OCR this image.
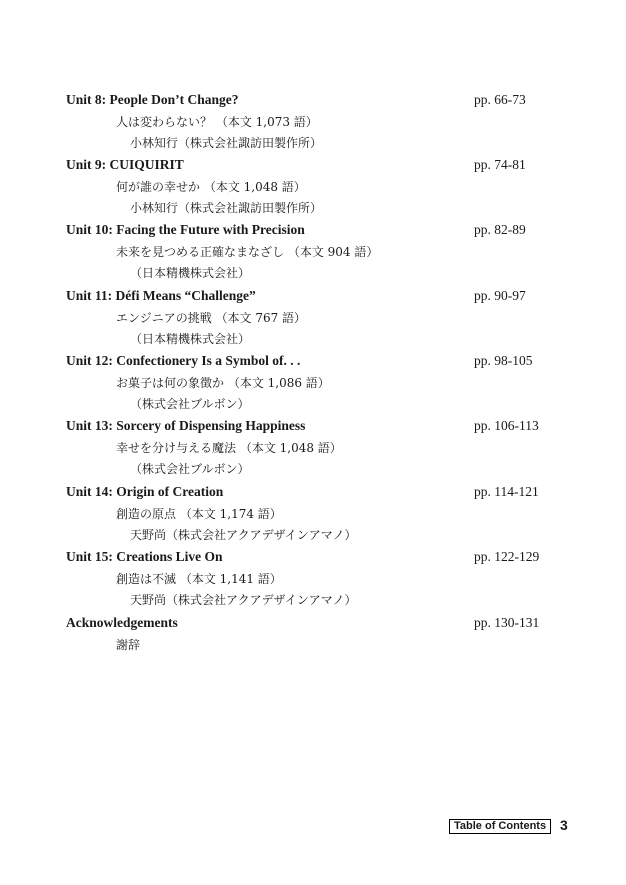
Unit 8: People Don’t Change?	pp. 66-73
人は変わらない？ （本文 1,073 語）
小林知行（株式会社諏訪田製作所）
Unit 9: CUIQUIRIT	pp. 74-81
何が誰の幸せか （本文 1,048 語）
小林知行（株式会社諏訪田製作所）
Unit 10: Facing the Future with Precision	pp. 82-89
未来を見つめる正確なまなざし （本文 904 語）
（日本精機株式会社）
Unit 11: Défi Means “Challenge”	pp. 90-97
エンジニアの挑戦 （本文 767 語）
（日本精機株式会社）
Unit 12: Confectionery Is a Symbol of. . .	pp. 98-105
お菓子は何の象徴か （本文 1,086 語）
（株式会社ブルボン）
Unit 13: Sorcery of Dispensing Happiness	pp. 106-113
幸せを分け与える魔法 （本文 1,048 語）
（株式会社ブルボン）
Unit 14: Origin of Creation	pp. 114-121
創造の原点 （本文 1,174 語）
天野尚（株式会社アクアデザインアマノ）
Unit 15: Creations Live On	pp. 122-129
創造は不滅 （本文 1,141 語）
天野尚（株式会社アクアデザインアマノ）
Acknowledgements	pp. 130-131
謝辞
Table of Contents 3
